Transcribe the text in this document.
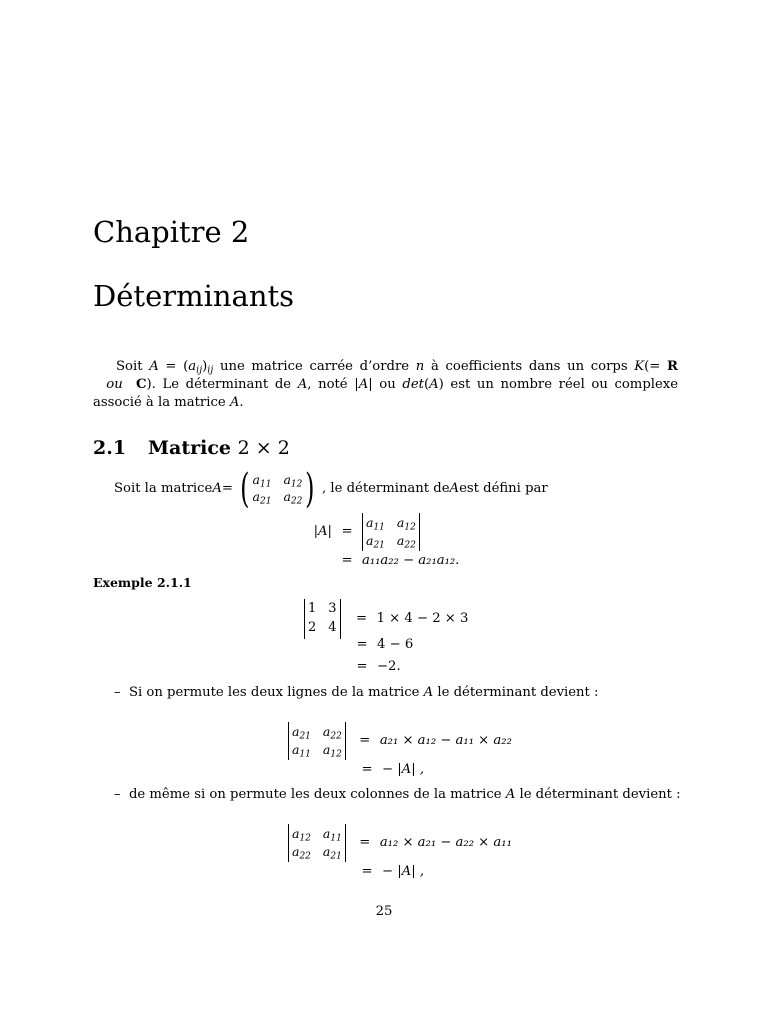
Chapitre 2
Déterminants

Soit $A = (a_{ij})_{ij}$ une matrice carrée d’ordre n à coefficients dans un corps K(= R   ou C). Le déterminant de A, noté |A| ou det(A) est un nombre réel ou complexe associé à la matrice A.

2.1 Matrice 2 × 2
Soit la matrice A = ( $a_{11}$ $a_{12}$
$a_{21}$ $a_{22}$ ) , le déterminant de A est défini par
|A| =
$a_{11}$ $a_{12}$
$a_{21}$ $a_{22}$
= a₁₁a₂₂ − a₂₁a₁₂.
Exemple 2.1.1
1 3
2 4
= 1 × 4 − 2 × 3
= 4 − 6
= −2.
– Si on permute les deux lignes de la matrice A le déterminant devient :
$a_{21}$ $a_{22}$
$a_{11}$ $a_{12}$
= a₂₁ × a₁₂ − a₁₁ × a₂₂
= − |A| ,
– de même si on permute les deux colonnes de la matrice A le déterminant devient :
$a_{12}$ $a_{11}$
$a_{22}$ $a_{21}$
= a₁₂ × a₂₁ − a₂₂ × a₁₁
= − |A| ,
25
